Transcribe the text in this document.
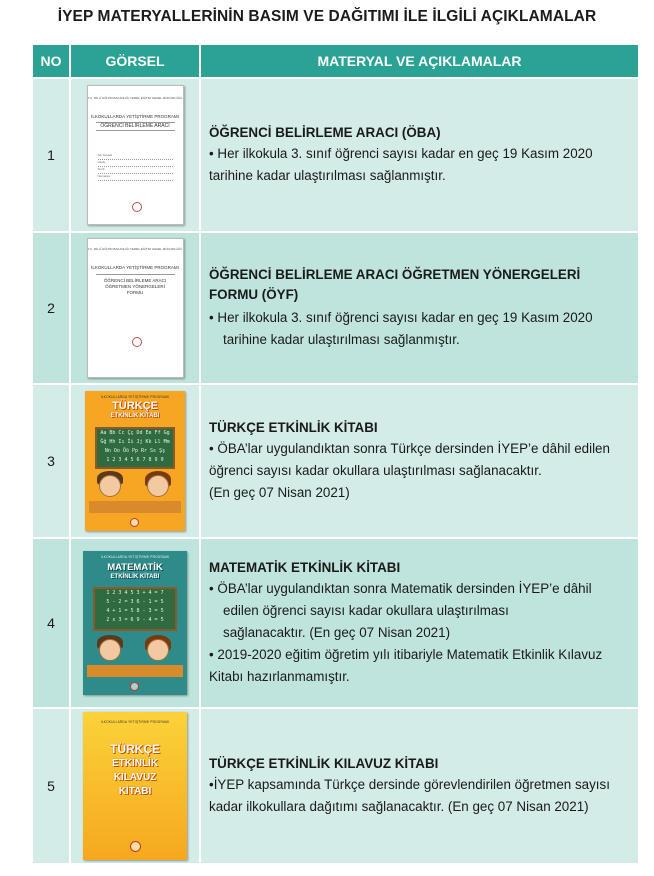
İYEP MATERYALLERİNİN BASIM VE DAĞITIMI İLE İLGİLİ AÇIKLAMALAR
NO	GÖRSEL	MATERYAL VE AÇIKLAMALAR
1
T.C. MİLLÎ EĞİTİM BAKANLIĞI TEMEL EĞİTİM GENEL MÜDÜRLÜĞÜ
İLKOKULLARDA YETİŞTİRME PROGRAMI
ÖĞRENCİ BELİRLEME ARACI
Adı Soyadı
Okulu
Sınıfı
Numarası
ÖĞRENCİ BELİRLEME ARACI (ÖBA)
• Her ilkokula 3. sınıf öğrenci sayısı kadar en geç 19 Kasım 2020
tarihine kadar ulaştırılması sağlanmıştır.
2
T.C. MİLLÎ EĞİTİM BAKANLIĞI TEMEL EĞİTİM GENEL MÜDÜRLÜĞÜ
İLKOKULLARDA YETİŞTİRME PROGRAMI
ÖĞRENCİ BELİRLEME ARACI
ÖĞRETMEN YÖNERGELERİ
FORMU
ÖĞRENCİ BELİRLEME ARACI ÖĞRETMEN YÖNERGELERİ
FORMU (ÖYF)
• Her ilkokula 3. sınıf öğrenci sayısı kadar en geç 19 Kasım 2020
tarihine kadar ulaştırılması sağlanmıştır.
3
İLKOKULLARDA YETİŞTİRME PROGRAMI
TÜRKÇE
ETKİNLİK KİTABI
Aa Bb Cc Çç Dd Ee Ff Gg
Ğğ Hh Iı İi Jj Kk Ll Mm
Nn Oo Öö Pp Rr Ss Şş
1 2 3 4 5 6 7 8 9 0
TÜRKÇE ETKİNLİK KİTABI
• ÖBA’lar uygulandıktan sonra Türkçe dersinden İYEP’e dâhil edilen
öğrenci sayısı kadar okullara ulaştırılması sağlanacaktır.
(En geç 07 Nisan 2021)
4
İLKOKULLARDA YETİŞTİRME PROGRAMI
MATEMATİK
ETKİNLİK KİTABI
1 2 3 4 5 3 + 4 = 7
5 - 2 = 3 6 - 1 = 5
4 + 1 = 5 8 - 3 = 5
2 x 3 = 6 9 - 4 = 5
MATEMATİK ETKİNLİK KİTABI
• ÖBA’lar uygulandıktan sonra Matematik dersinden İYEP’e dâhil
edilen öğrenci sayısı kadar okullara ulaştırılması
sağlanacaktır. (En geç 07 Nisan 2021)
• 2019-2020 eğitim öğretim yılı itibariyle Matematik Etkinlik Kılavuz
Kitabı hazırlanmamıştır.
5
İLKOKULLARDA YETİŞTİRME PROGRAMI
TÜRKÇE
ETKİNLİK
KILAVUZ
KİTABI
TÜRKÇE ETKİNLİK KILAVUZ KİTABI
•İYEP kapsamında Türkçe dersinde görevlendirilen öğretmen sayısı
kadar ilkokullara dağıtımı sağlanacaktır. (En geç 07 Nisan 2021)
